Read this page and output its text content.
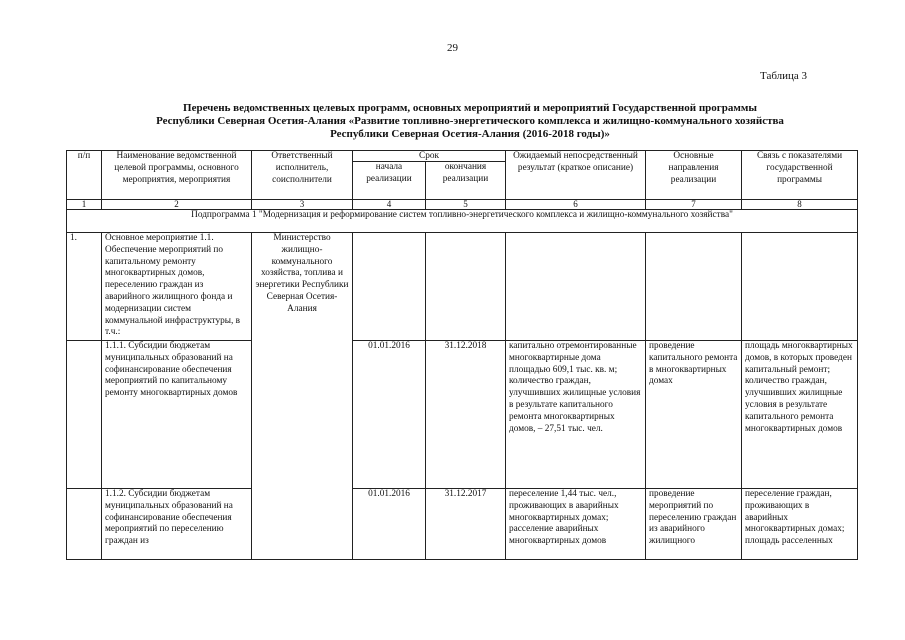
29
Таблица 3
Перечень ведомственных целевых программ, основных мероприятий и мероприятий Государственной программы
Республики Северная Осетия-Алания «Развитие топливно-энергетического комплекса и жилищно-коммунального хозяйства
Республики Северная Осетия-Алания (2016-2018 годы)»
п/п	Наименование ведомственной целевой программы, основного мероприятия, мероприятия	Ответственный исполнитель, соисполнители	Срок		Ожидаемый непосредственный результат (краткое описание)	Основные направления реализации	Связь с показателями государственной программы
			начала реализации	окончания реализации			
1	2	3	4	5	6	7	8
Подпрограмма 1 "Модернизация и реформирование систем топливно-энергетического комплекса и жилищно-коммунального хозяйства"							
1.	Основное мероприятие 1.1. Обеспечение мероприятий по капитальному ремонту многоквартирных домов, переселению граждан из аварийного жилищного фонда и модернизации систем коммунальной инфраструктуры, в т.ч.:	Министерство жилищно-коммунального хозяйства, топлива и энергетики Республики Северная Осетия-Алания					
	1.1.1. Субсидии бюджетам муниципальных образований на софинансирование обеспечения мероприятий по капитальному ремонту многоквартирных домов		01.01.2016	31.12.2018	капитально отремонтированные многоквартирные дома площадью 609,1 тыс. кв. м; количество граждан, улучшивших жилищные условия в результате капитального ремонта многоквартирных домов, – 27,51 тыс. чел.	проведение капитального ремонта в многоквартирных домах	площадь многоквартирных домов, в которых проведен капитальный ремонт; количество граждан, улучшивших жилищные условия в результате капитального ремонта многоквартирных домов
	1.1.2. Субсидии бюджетам муниципальных образований на софинансирование обеспечения мероприятий по переселению граждан из		01.01.2016	31.12.2017	переселение 1,44 тыс. чел., проживающих в аварийных многоквартирных домах; расселение аварийных многоквартирных домов	проведение мероприятий по переселению граждан из аварийного жилищного	переселение граждан, проживающих в аварийных многоквартирных домах; площадь расселенных
